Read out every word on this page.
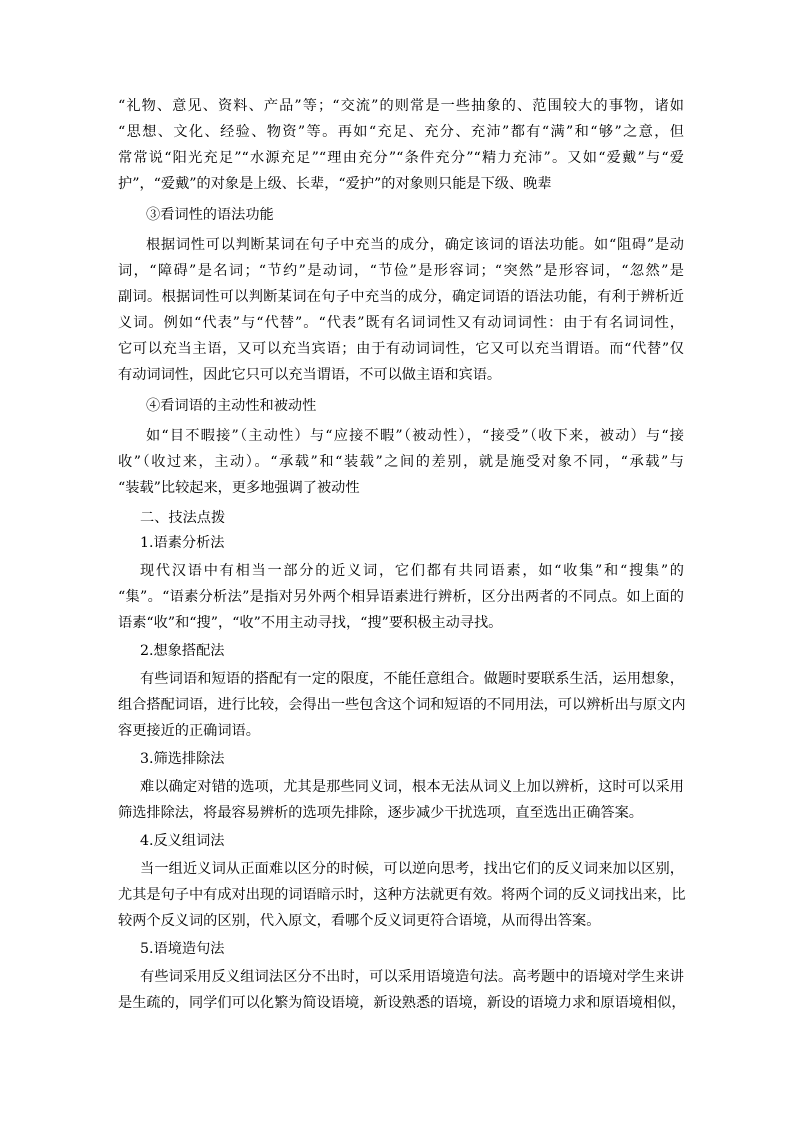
“礼物、意见、资料、产品”等；“交流”的则常是一些抽象的、范围较大的事物，诸如

“思想、文化、经验、物资”等。再如“充足、充分、充沛”都有“满”和“够”之意，但

常常说“阳光充足”“水源充足”“理由充分”“条件充分”“精力充沛”。又如“爱戴”与“爱

护”，“爱戴”的对象是上级、长辈，“爱护”的对象则只能是下级、晚辈

③看词性的语法功能

根据词性可以判断某词在句子中充当的成分，确定该词的语法功能。如“阻碍”是动

词，“障碍”是名词；“节约”是动词，“节俭”是形容词；“突然”是形容词，“忽然”是

副词。根据词性可以判断某词在句子中充当的成分，确定词语的语法功能，有利于辨析近

义词。例如“代表”与“代替”。“代表”既有名词词性又有动词词性：由于有名词词性，

它可以充当主语，又可以充当宾语；由于有动词词性，它又可以充当谓语。而“代替”仅

有动词词性，因此它只可以充当谓语，不可以做主语和宾语。

④看词语的主动性和被动性

如“目不暇接”（主动性）与“应接不暇”（被动性），“接受”（收下来，被动）与“接

收”（收过来，主动）。“承载”和“装载”之间的差别，就是施受对象不同，“承载”与

“装载”比较起来，更多地强调了被动性

二、技法点拨

1.语素分析法

现代汉语中有相当一部分的近义词，它们都有共同语素，如“收集”和“搜集”的

“集”。“语素分析法”是指对另外两个相异语素进行辨析，区分出两者的不同点。如上面的

语素“收”和“搜”，“收”不用主动寻找，“搜”要积极主动寻找。

2.想象搭配法

有些词语和短语的搭配有一定的限度，不能任意组合。做题时要联系生活，运用想象，

组合搭配词语，进行比较，会得出一些包含这个词和短语的不同用法，可以辨析出与原文内

容更接近的正确词语。

3.筛选排除法

难以确定对错的选项，尤其是那些同义词，根本无法从词义上加以辨析，这时可以采用

筛选排除法，将最容易辨析的选项先排除，逐步减少干扰选项，直至选出正确答案。

4.反义组词法

当一组近义词从正面难以区分的时候，可以逆向思考，找出它们的反义词来加以区别，

尤其是句子中有成对出现的词语暗示时，这种方法就更有效。将两个词的反义词找出来，比

较两个反义词的区别，代入原文，看哪个反义词更符合语境，从而得出答案。

5.语境造句法

有些词采用反义组词法区分不出时，可以采用语境造句法。高考题中的语境对学生来讲

是生疏的，同学们可以化繁为简设语境，新设熟悉的语境，新设的语境力求和原语境相似，
